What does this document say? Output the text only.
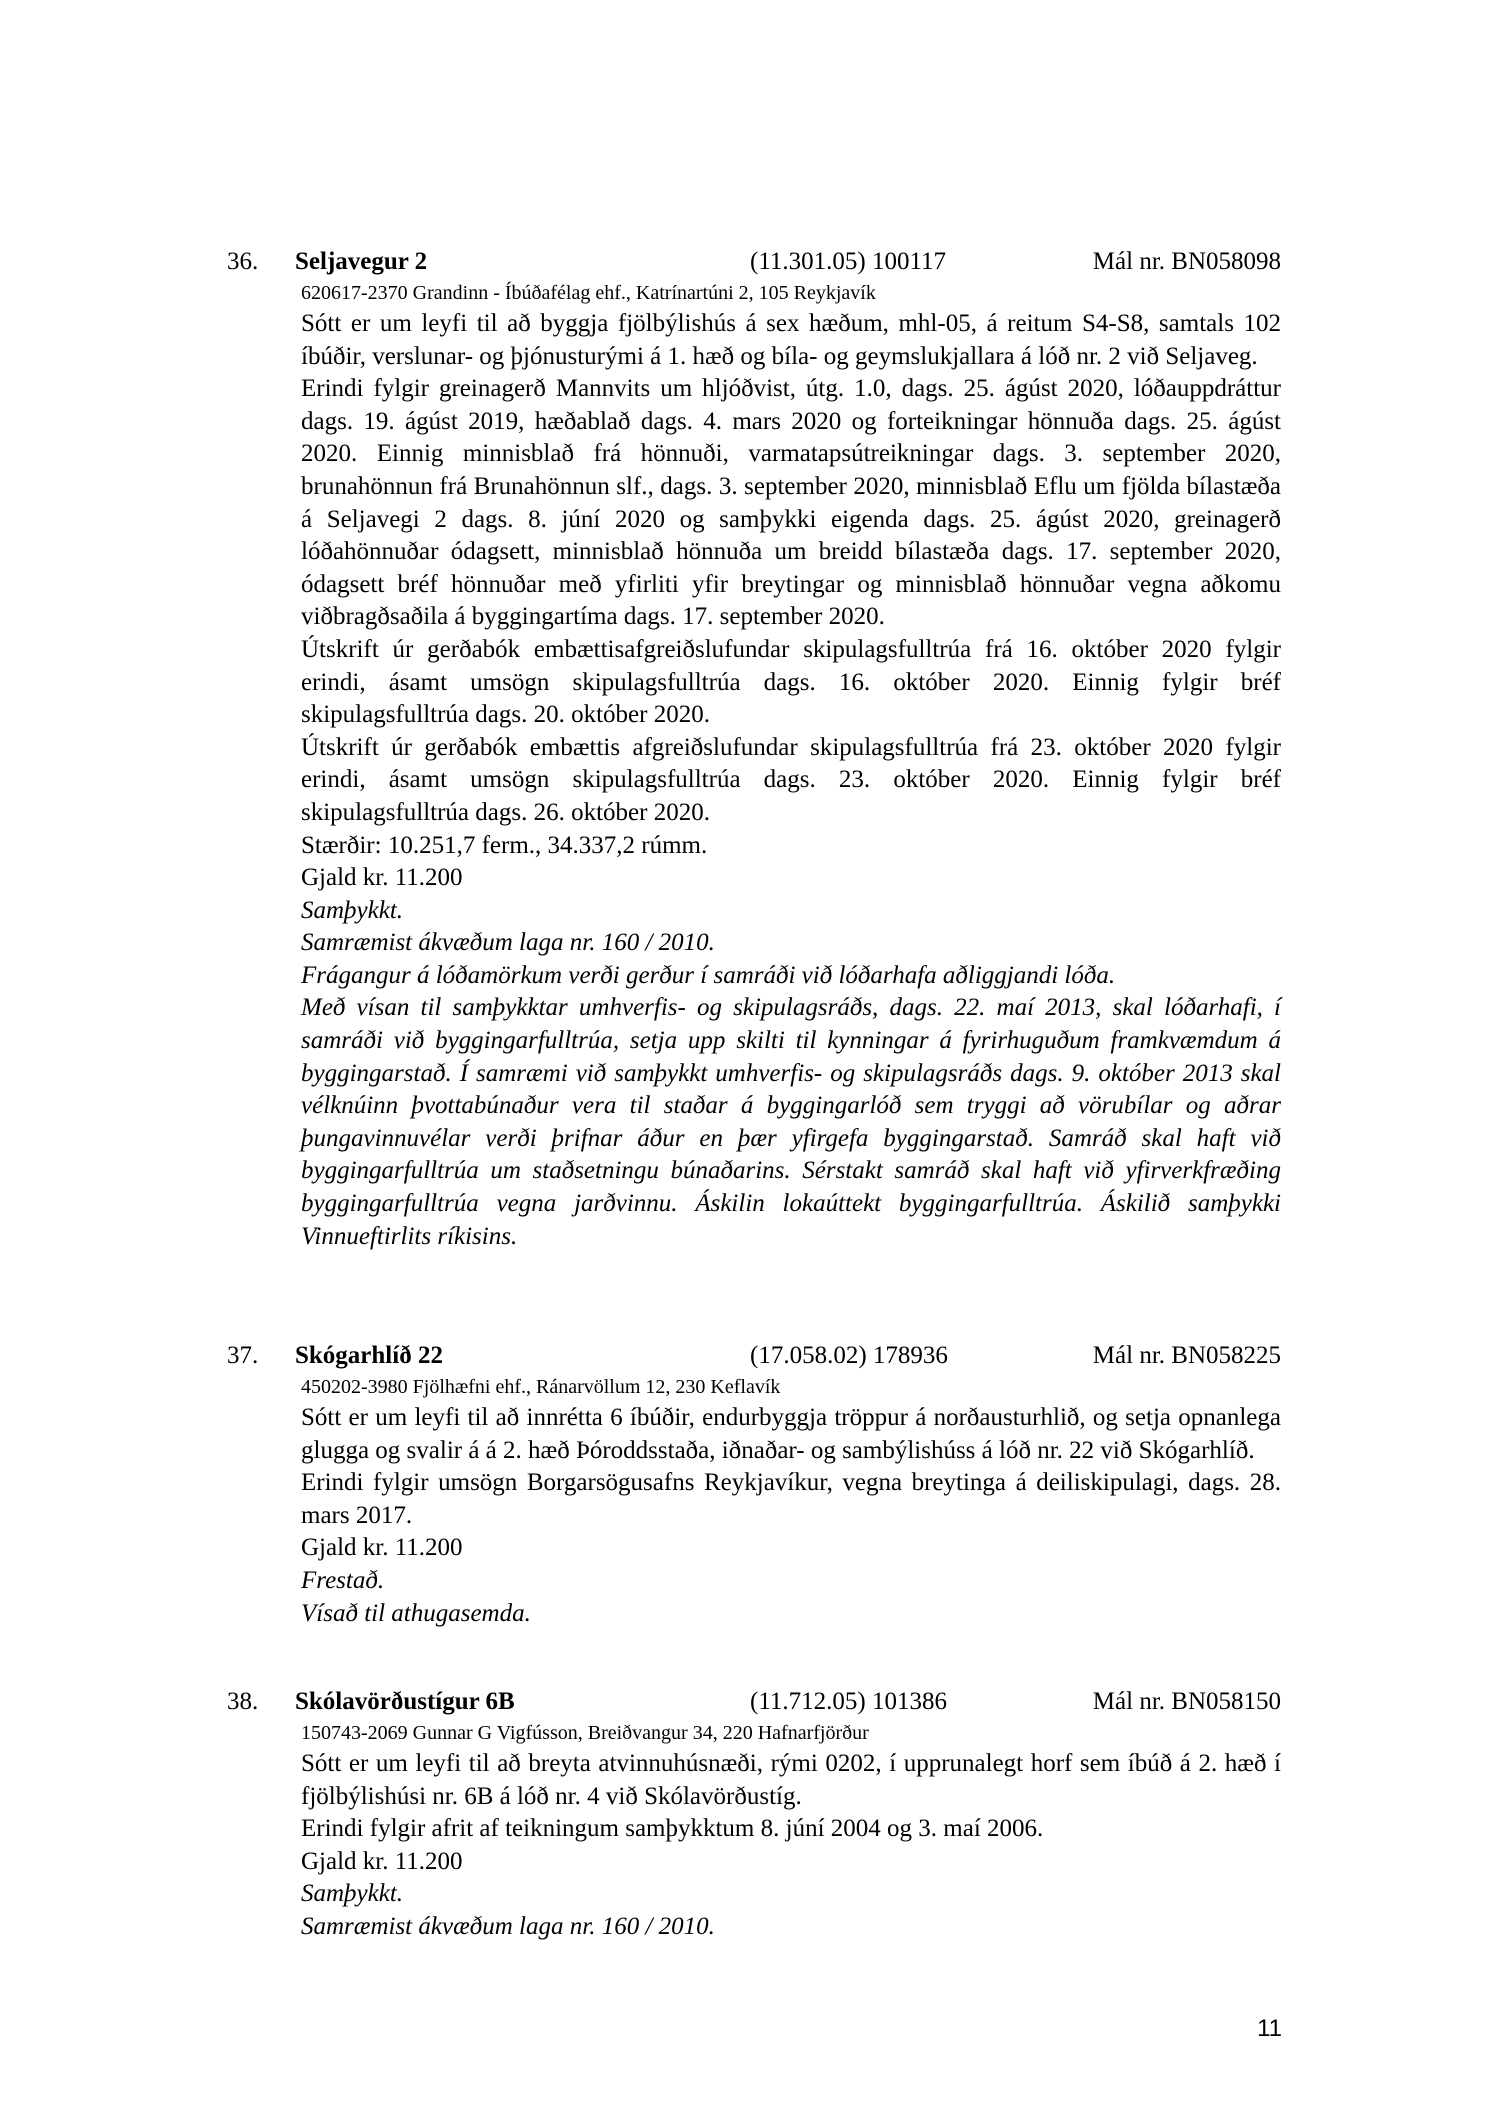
36. Seljavegur 2	(11.301.05) 100117	Mál nr. BN058098
620617-2370 Grandinn - Íbúðafélag ehf., Katrínartúni 2, 105 Reykjavík
Sótt er um leyfi til að byggja fjölbýlishús á sex hæðum, mhl-05, á reitum S4-S8, samtals 102 íbúðir, verslunar- og þjónusturými á 1. hæð og bíla- og geymslukjallara á lóð nr. 2 við Seljaveg.
Erindi fylgir greinagerð Mannvits um hljóðvist, útg. 1.0, dags. 25. ágúst 2020, lóðauppdráttur dags. 19. ágúst 2019, hæðablað dags. 4. mars 2020 og forteikningar hönnuða dags. 25. ágúst 2020. Einnig minnisblað frá hönnuði, varmatapsútreikningar dags. 3. september 2020, brunahönnun frá Brunahönnun slf., dags. 3. september 2020, minnisblað Eflu um fjölda bílastæða á Seljavegi 2 dags. 8. júní 2020 og samþykki eigenda dags. 25. ágúst 2020, greinagerð lóðahönnuðar ódagsett, minnisblað hönnuða um breidd bílastæða dags. 17. september 2020, ódagsett bréf hönnuðar með yfirliti yfir breytingar og minnisblað hönnuðar vegna aðkomu viðbragðsaðila á byggingartíma dags. 17. september 2020.
Útskrift úr gerðabók embættisafgreiðslufundar skipulagsfulltrúa frá 16. október 2020 fylgir erindi, ásamt umsögn skipulagsfulltrúa dags. 16. október 2020. Einnig fylgir bréf skipulagsfulltrúa dags. 20. október 2020.
Útskrift úr gerðabók embættis afgreiðslufundar skipulagsfulltrúa frá 23. október 2020 fylgir erindi, ásamt umsögn skipulagsfulltrúa dags. 23. október 2020. Einnig fylgir bréf skipulagsfulltrúa dags. 26. október 2020.
Stærðir: 10.251,7 ferm., 34.337,2 rúmm.
Gjald kr. 11.200
Samþykkt.
Samræmist ákvæðum laga nr. 160 / 2010.
Frágangur á lóðamörkum verði gerður í samráði við lóðarhafa aðliggjandi lóða.
Með vísan til samþykktar umhverfis- og skipulagsráðs, dags. 22. maí 2013, skal lóðarhafi, í samráði við byggingarfulltrúa, setja upp skilti til kynningar á fyrirhuguðum framkvæmdum á byggingarstað. Í samræmi við samþykkt umhverfis- og skipulagsráðs dags. 9. október 2013 skal vélknúinn þvottabúnaður vera til staðar á byggingarlóð sem tryggi að vörubílar og aðrar þungavinnuvélar verði þrifnar áður en þær yfirgefa byggingarstað. Samráð skal haft við byggingarfulltrúa um staðsetningu búnaðarins. Sérstakt samráð skal haft við yfirverkfræðing byggingarfulltrúa vegna jarðvinnu. Áskilin lokaúttekt byggingarfulltrúa. Áskilið samþykki Vinnueftirlits ríkisins.
37. Skógarhlíð 22	(17.058.02) 178936	Mál nr. BN058225
450202-3980 Fjölhæfni ehf., Ránarvöllum 12, 230 Keflavík
Sótt er um leyfi til að innrétta 6 íbúðir, endurbyggja tröppur á norðausturhlið, og setja opnanlega glugga og svalir á á 2. hæð Þóroddsstaða, iðnaðar- og sambýlishúss á lóð nr. 22 við Skógarhlíð.
Erindi fylgir umsögn Borgarsögusafns Reykjavíkur, vegna breytinga á deiliskipulagi, dags. 28. mars 2017.
Gjald kr. 11.200
Frestað.
Vísað til athugasemda.
38. Skólavörðustígur 6B	(11.712.05) 101386	Mál nr. BN058150
150743-2069 Gunnar G Vigfússon, Breiðvangur 34, 220 Hafnarfjörður
Sótt er um leyfi til að breyta atvinnuhúsnæði, rými 0202, í upprunalegt horf sem íbúð á 2. hæð í fjölbýlishúsi nr. 6B á lóð nr. 4 við Skólavörðustíg.
Erindi fylgir afrit af teikningum samþykktum 8. júní 2004 og 3. maí 2006.
Gjald kr. 11.200
Samþykkt.
Samræmist ákvæðum laga nr. 160 / 2010.
11
